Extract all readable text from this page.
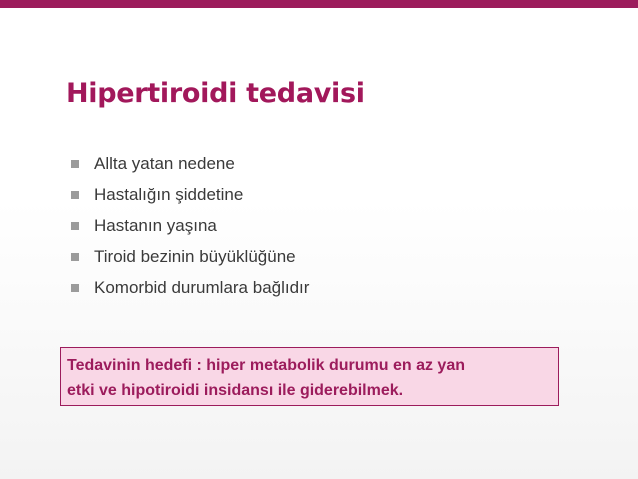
Hipertiroidi tedavisi
Allta yatan nedene
Hastalığın şiddetine
Hastanın yaşına
Tiroid bezinin büyüklüğüne
Komorbid durumlara bağlıdır

Tedavinin hedefi : hiper metabolik durumu en az yan
etki ve hipotiroidi insidansı ile giderebilmek.
